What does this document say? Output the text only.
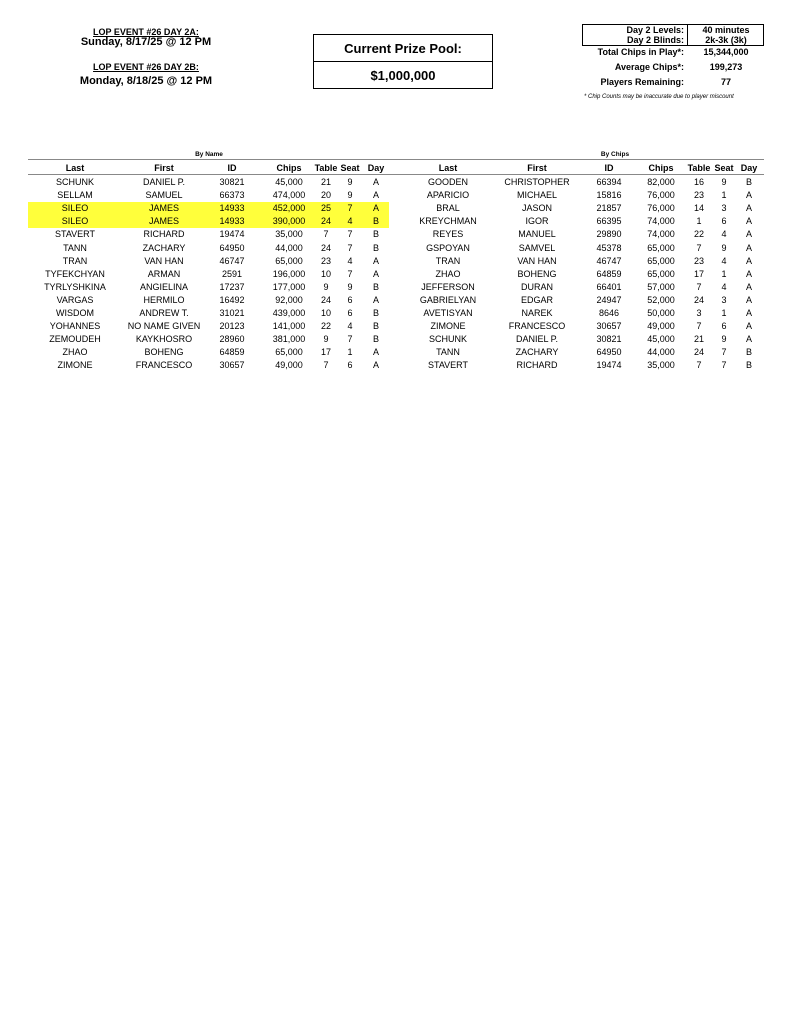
LOP EVENT #26 DAY 2A:
Sunday, 8/17/25 @ 12 PM
LOP EVENT #26 DAY 2B:
Monday, 8/18/25 @ 12 PM
Current Prize Pool:
$1,000,000
Day 2 Levels:	40 minutes
Day 2 Blinds:	2k-3k (3k)
Total Chips in Play*:	15,344,000
Average Chips*:	199,273
Players Remaining:	77
* Chip Counts may be inaccurate due to player miscount
By Name	By Chips
Last	First	ID	Chips	Table Seat Day
SCHUNK	DANIEL P.	30821	45,000	21	9	A
SELLAM	SAMUEL	66373	474,000	20	9	A
SILEO	JAMES	14933	452,000	25	7	A
SILEO	JAMES	14933	390,000	24	4	B
STAVERT	RICHARD	19474	35,000	7	7	B
TANN	ZACHARY	64950	44,000	24	7	B
TRAN	VAN HAN	46747	65,000	23	4	A
TYFEKCHYAN	ARMAN	2591	196,000	10	7	A
TYRLYSHKINA	ANGIELINA	17237	177,000	9	9	B
VARGAS	HERMILO	16492	92,000	24	6	A
WISDOM	ANDREW T.	31021	439,000	10	6	B
YOHANNES	NO NAME GIVEN	20123	141,000	22	4	B
ZEMOUDEH	KAYKHOSRO	28960	381,000	9	7	B
ZHAO	BOHENG	64859	65,000	17	1	A
ZIMONE	FRANCESCO	30657	49,000	7	6	A
Last	First	ID	Chips	Table Seat Day
GOODEN	CHRISTOPHER	66394	82,000	16	9	B
APARICIO	MICHAEL	15816	76,000	23	1	A
BRAL	JASON	21857	76,000	14	3	A
KREYCHMAN	IGOR	66395	74,000	1	6	A
REYES	MANUEL	29890	74,000	22	4	A
GSPOYAN	SAMVEL	45378	65,000	7	9	A
TRAN	VAN HAN	46747	65,000	23	4	A
ZHAO	BOHENG	64859	65,000	17	1	A
JEFFERSON	DURAN	66401	57,000	7	4	A
GABRIELYAN	EDGAR	24947	52,000	24	3	A
AVETISYAN	NAREK	8646	50,000	3	1	A
ZIMONE	FRANCESCO	30657	49,000	7	6	A
SCHUNK	DANIEL P.	30821	45,000	21	9	A
TANN	ZACHARY	64950	44,000	24	7	B
STAVERT	RICHARD	19474	35,000	7	7	B
